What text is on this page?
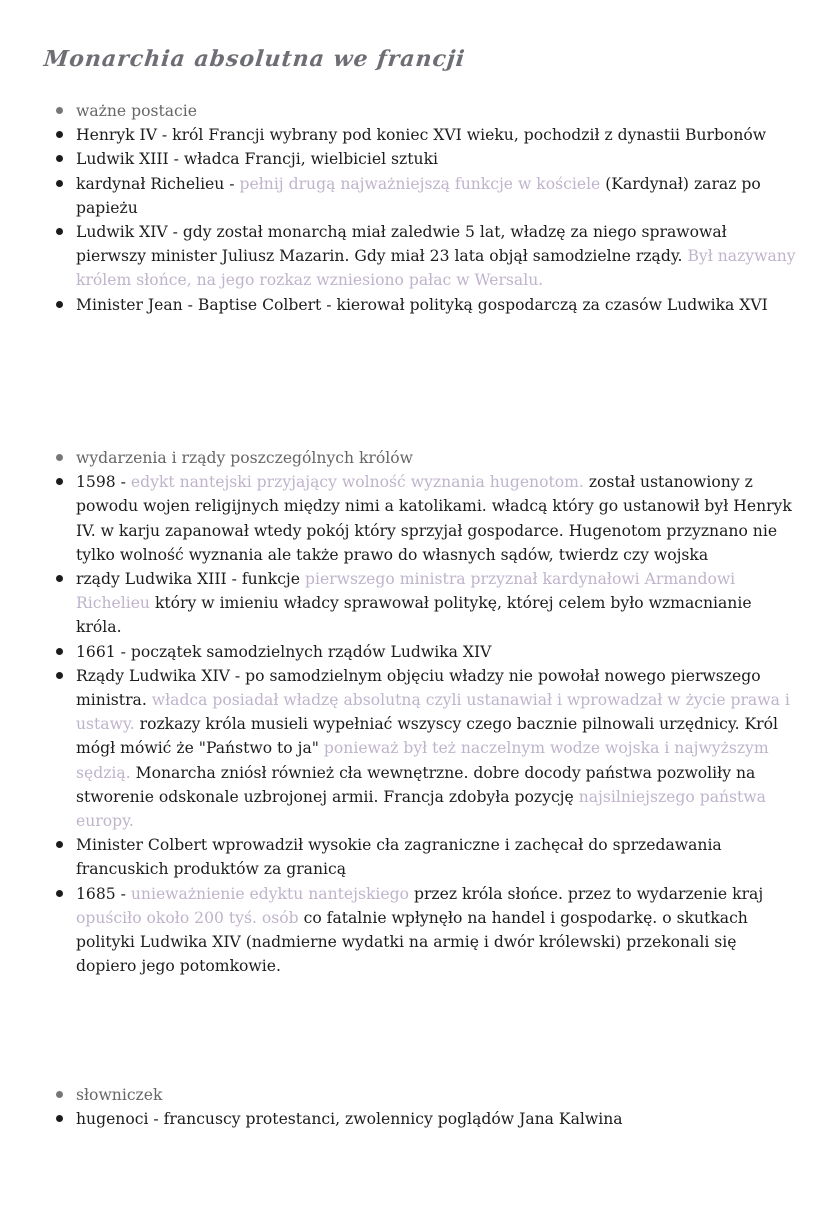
Monarchia absolutna we francji
ważne postacie
Henryk IV - król Francji wybrany pod koniec XVI wieku, pochodził z dynastii Burbonów
Ludwik XIII - władca Francji, wielbiciel sztuki
kardynał Richelieu - pełnij drugą najważniejszą funkcje w kościele (Kardynał) zaraz po papieżu
Ludwik XIV - gdy został monarchą miał zaledwie 5 lat, władzę za niego sprawował pierwszy minister Juliusz Mazarin. Gdy miał 23 lata objął samodzielne rządy. Był nazywany królem słońce, na jego rozkaz wzniesiono pałac w Wersalu.
Minister Jean - Baptise Colbert - kierował polityką gospodarczą za czasów Ludwika XVI
wydarzenia i rządy poszczególnych królów
1598 - edykt nantejski przyjający wolność wyznania hugenotom. został ustanowiony z powodu wojen religijnych między nimi a katolikami. władcą który go ustanowił był Henryk IV. w karju zapanował wtedy pokój który sprzyjał gospodarce. Hugenotom przyznano nie tylko wolność wyznania ale także prawo do własnych sądów, twierdz czy wojska
rządy Ludwika XIII - funkcje pierwszego ministra przyznał kardynałowi Armandowi Richelieu który w imieniu władcy sprawował politykę, której celem było wzmacnianie króla.
1661 - początek samodzielnych rządów Ludwika XIV
Rządy Ludwika XIV - po samodzielnym objęciu władzy nie powołał nowego pierwszego ministra. władca posiadał władzę absolutną czyli ustanawiał i wprowadzał w życie prawa i ustawy. rozkazy króla musieli wypełniać wszyscy czego bacznie pilnowali urzędnicy. Król mógł mówić że "Państwo to ja" ponieważ był też naczelnym wodze wojska i najwyższym sędzią. Monarcha zniósł również cła wewnętrzne. dobre docody państwa pozwoliły na stworenie odskonale uzbrojonej armii. Francja zdobyła pozycję najsilniejszego państwa europy.
Minister Colbert wprowadził wysokie cła zagraniczne i zachęcał do sprzedawania francuskich produktów za granicą
1685 - unieważnienie edyktu nantejskiego przez króla słońce. przez to wydarzenie kraj opuściło około 200 tyś. osób co fatalnie wpłynęło na handel i gospodarkę. o skutkach polityki Ludwika XIV (nadmierne wydatki na armię i dwór królewski) przekonali się dopiero jego potomkowie.
słowniczek
hugenoci - francuscy protestanci, zwolennicy poglądów Jana Kalwina
